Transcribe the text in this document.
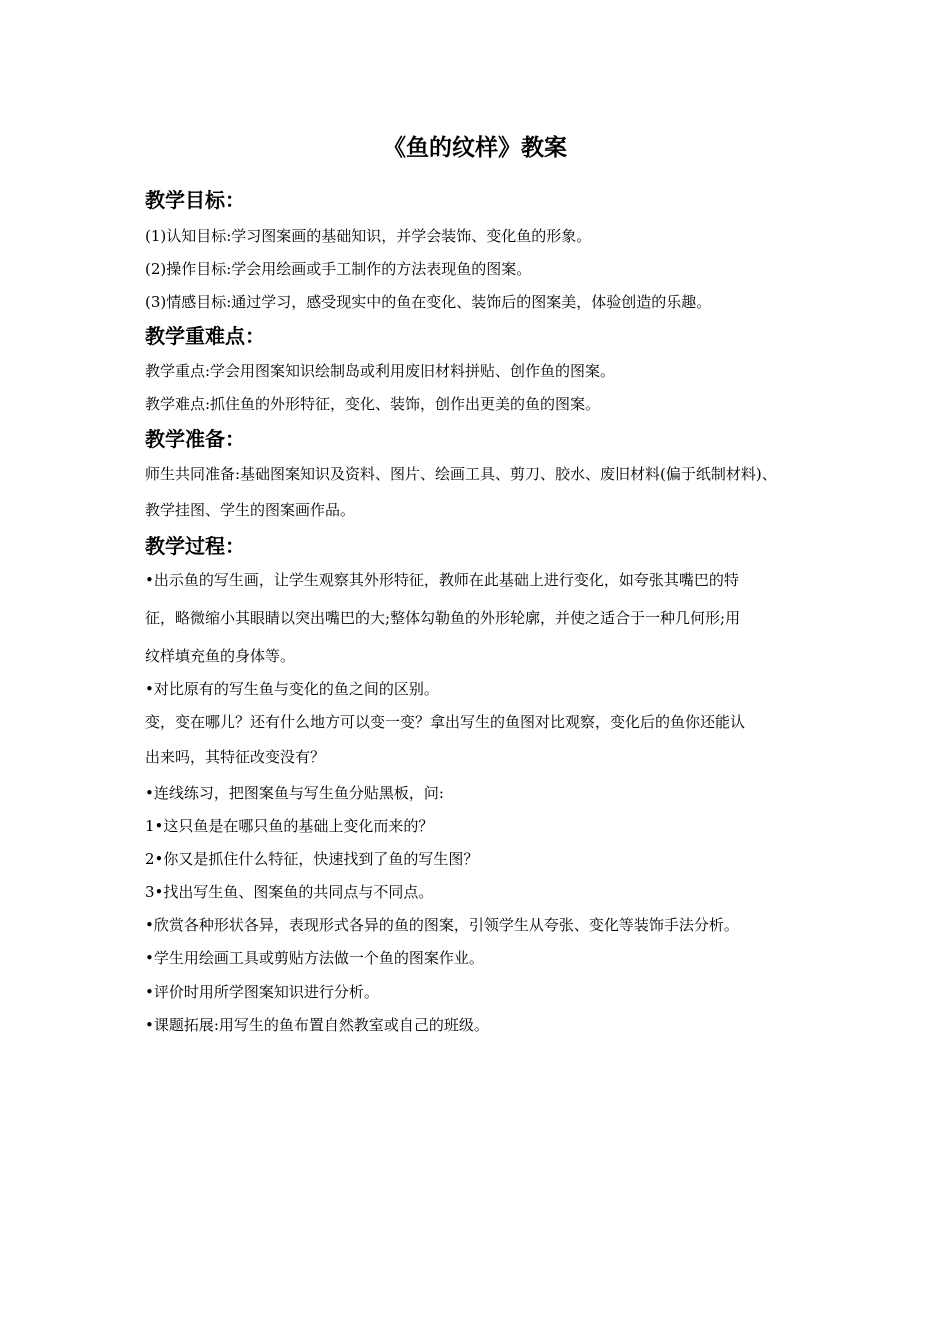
《鱼的纹样》教案
教学目标：

(1)认知目标:学习图案画的基础知识，并学会装饰、变化鱼的形象。

(2)操作目标:学会用绘画或手工制作的方法表现鱼的图案。

(3)情感目标:通过学习，感受现实中的鱼在变化、装饰后的图案美，体验创造的乐趣。

教学重难点：

教学重点:学会用图案知识绘制岛或利用废旧材料拼贴、创作鱼的图案。

教学难点:抓住鱼的外形特征，变化、装饰，创作出更美的鱼的图案。

教学准备：

师生共同准备:基础图案知识及资料、图片、绘画工具、剪刀、胶水、废旧材料(偏于纸制材料)、

教学挂图、学生的图案画作品。

教学过程：

•出示鱼的写生画，让学生观察其外形特征，教师在此基础上进行变化，如夸张其嘴巴的特

征，略微缩小其眼睛以突出嘴巴的大;整体勾勒鱼的外形轮廓，并使之适合于一种几何形;用

纹样填充鱼的身体等。

•对比原有的写生鱼与变化的鱼之间的区别。

变，变在哪儿？还有什么地方可以变一变？拿出写生的鱼图对比观察，变化后的鱼你还能认

出来吗，其特征改变没有？

•连线练习，把图案鱼与写生鱼分贴黑板，问:

1•这只鱼是在哪只鱼的基础上变化而来的？

2•你又是抓住什么特征，快速找到了鱼的写生图？

3•找出写生鱼、图案鱼的共同点与不同点。

•欣赏各种形状各异，表现形式各异的鱼的图案，引领学生从夸张、变化等装饰手法分析。

•学生用绘画工具或剪贴方法做一个鱼的图案作业。

•评价时用所学图案知识进行分析。

•课题拓展:用写生的鱼布置自然教室或自己的班级。
